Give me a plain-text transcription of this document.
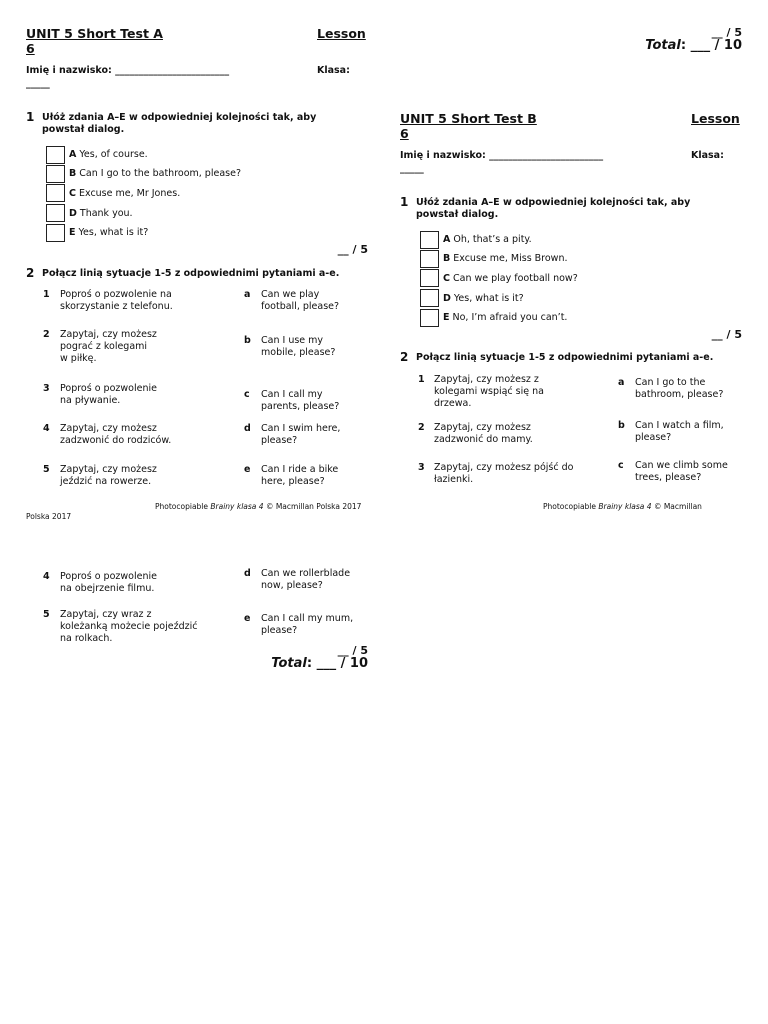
UNIT 5 Short Test A
6
Lesson
Imię i nazwisko: ________________________
_____
Klasa:
1 Ułóż zdania A–E w odpowiedniej kolejności tak, aby
powstał dialog.
A Yes, of course.
B Can I go to the bathroom, please?
C Excuse me, Mr Jones.
D Thank you.
E Yes, what is it?
__ / 5
2 Połącz linią sytuacje 1-5 z odpowiednimi pytaniami a-e.
1 Poproś o pozwolenie na
skorzystanie z telefonu.
2 Zapytaj, czy możesz
pograć z kolegami
w piłkę.
3 Poproś o pozwolenie
na pływanie.
4 Zapytaj, czy możesz
zadzwonić do rodziców.
5 Zapytaj, czy możesz
jeździć na rowerze.
a Can we play
football, please?
b Can I use my
mobile, please?
c Can I call my
parents, please?
d Can I swim here,
please?
e Can I ride a bike
here, please?
Photocopiable Brainy klasa 4 © Macmillan Polska 2017
Polska 2017
__ / 5
Total: ___ / 10
UNIT 5 Short Test B
6
Lesson
Imię i nazwisko: ________________________
_____
Klasa:
1 Ułóż zdania A–E w odpowiedniej kolejności tak, aby
powstał dialog.
A Oh, that’s a pity.
B Excuse me, Miss Brown.
C Can we play football now?
D Yes, what is it?
E No, I’m afraid you can’t.
__ / 5
2 Połącz linią sytuacje 1-5 z odpowiednimi pytaniami a-e.
1 Zapytaj, czy możesz z
kolegami wspiąć się na
drzewa.
2 Zapytaj, czy możesz
zadzwonić do mamy.
3 Zapytaj, czy możesz pójść do
łazienki.
a Can I go to the
bathroom, please?
b Can I watch a film,
please?
c Can we climb some
trees, please?
Photocopiable Brainy klasa 4 © Macmillan
4 Poproś o pozwolenie
na obejrzenie filmu.
5 Zapytaj, czy wraz z
koleżanką możecie pojeździć
na rolkach.
d Can we rollerblade
now, please?
e Can I call my mum,
please?
__ / 5
Total: ___ / 10
